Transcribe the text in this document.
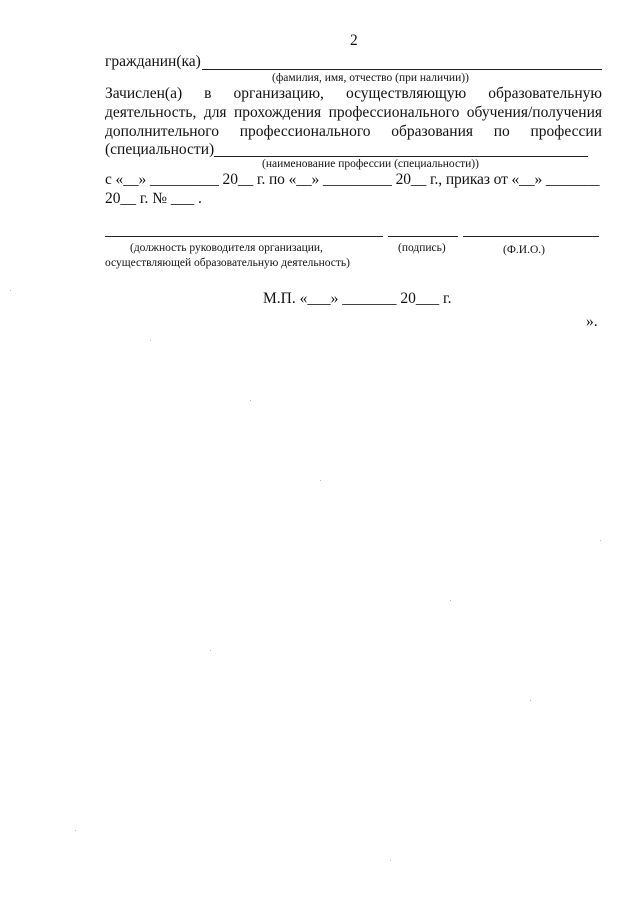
2
гражданин(ка)
(фамилия, имя, отчество (при наличии))
Зачислен(а) в организацию, осуществляющую образовательную
деятельность, для прохождения профессионального обучения/получения
дополнительного профессионального образования по профессии
(специальности)
(наименование профессии (специальности))
с «__» _________ 20__ г. по «__» _________ 20__ г., приказ от «__» _______
20__ г. № ___ .
(должность руководителя организации,	(подпись)	(Ф.И.О.)
осуществляющей образовательную деятельность)
М.П. «___» _______ 20___ г.
».
